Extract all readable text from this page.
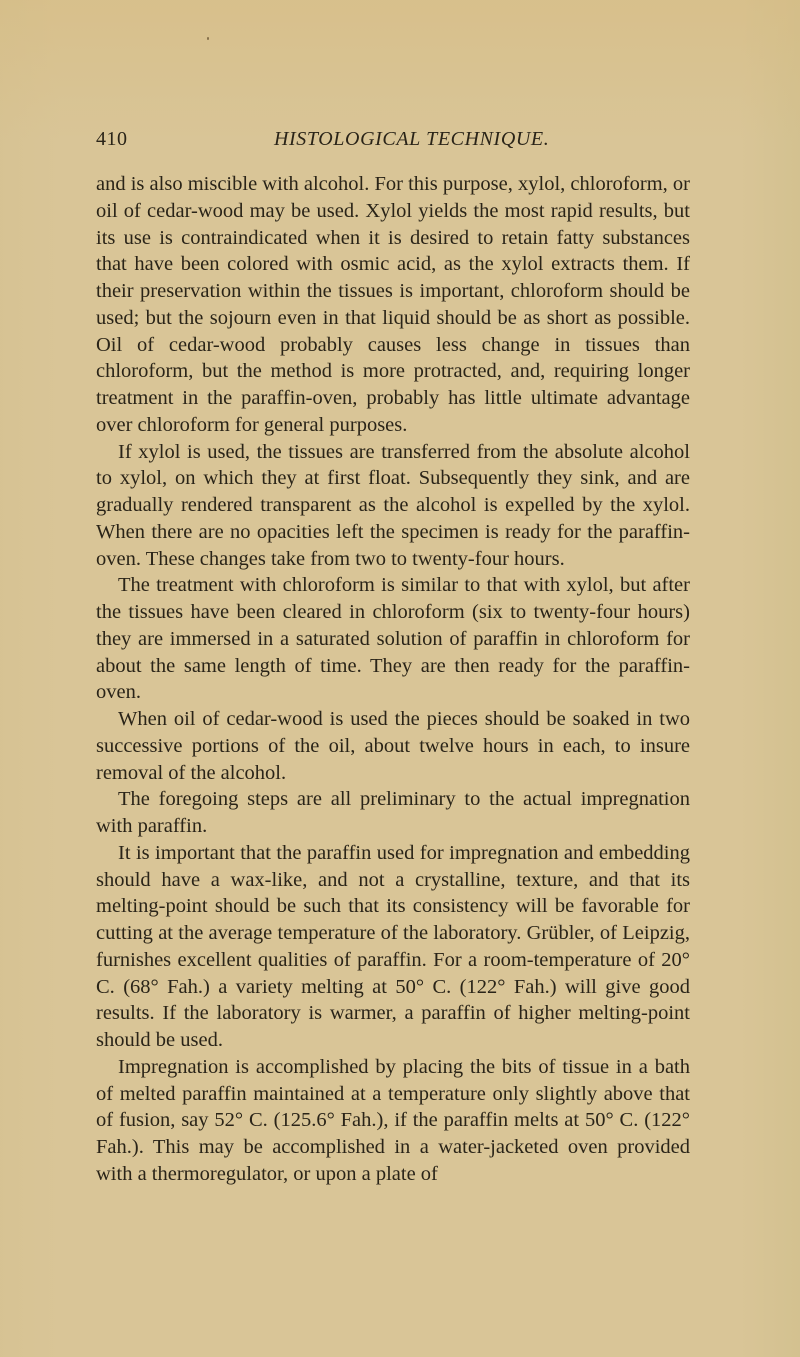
410	HISTOLOGICAL TECHNIQUE.

and is also miscible with alcohol. For this purpose, xylol, chloroform, or oil of cedar-wood may be used. Xylol yields the most rapid results, but its use is contraindicated when it is desired to retain fatty substances that have been colored with osmic acid, as the xylol extracts them. If their preservation within the tissues is important, chloroform should be used; but the sojourn even in that liquid should be as short as possible. Oil of cedar-wood probably causes less change in tissues than chloroform, but the method is more protracted, and, requiring longer treatment in the paraffin-oven, probably has little ultimate advantage over chloroform for general purposes.

If xylol is used, the tissues are transferred from the absolute alcohol to xylol, on which they at first float. Subsequently they sink, and are gradually rendered transparent as the alcohol is expelled by the xylol. When there are no opacities left the specimen is ready for the paraffin-oven. These changes take from two to twenty-four hours.

The treatment with chloroform is similar to that with xylol, but after the tissues have been cleared in chloroform (six to twenty-four hours) they are immersed in a saturated solution of paraffin in chloroform for about the same length of time. They are then ready for the paraffin-oven.

When oil of cedar-wood is used the pieces should be soaked in two successive portions of the oil, about twelve hours in each, to insure removal of the alcohol.

The foregoing steps are all preliminary to the actual impregnation with paraffin.

It is important that the paraffin used for impregnation and embedding should have a wax-like, and not a crystalline, texture, and that its melting-point should be such that its consistency will be favorable for cutting at the average temperature of the laboratory. Grübler, of Leipzig, furnishes excellent qualities of paraffin. For a room-temperature of 20° C. (68° Fah.) a variety melting at 50° C. (122° Fah.) will give good results. If the laboratory is warmer, a paraffin of higher melting-point should be used.

Impregnation is accomplished by placing the bits of tissue in a bath of melted paraffin maintained at a temperature only slightly above that of fusion, say 52° C. (125.6° Fah.), if the paraffin melts at 50° C. (122° Fah.). This may be accomplished in a water-jacketed oven provided with a thermoregulator, or upon a plate of
